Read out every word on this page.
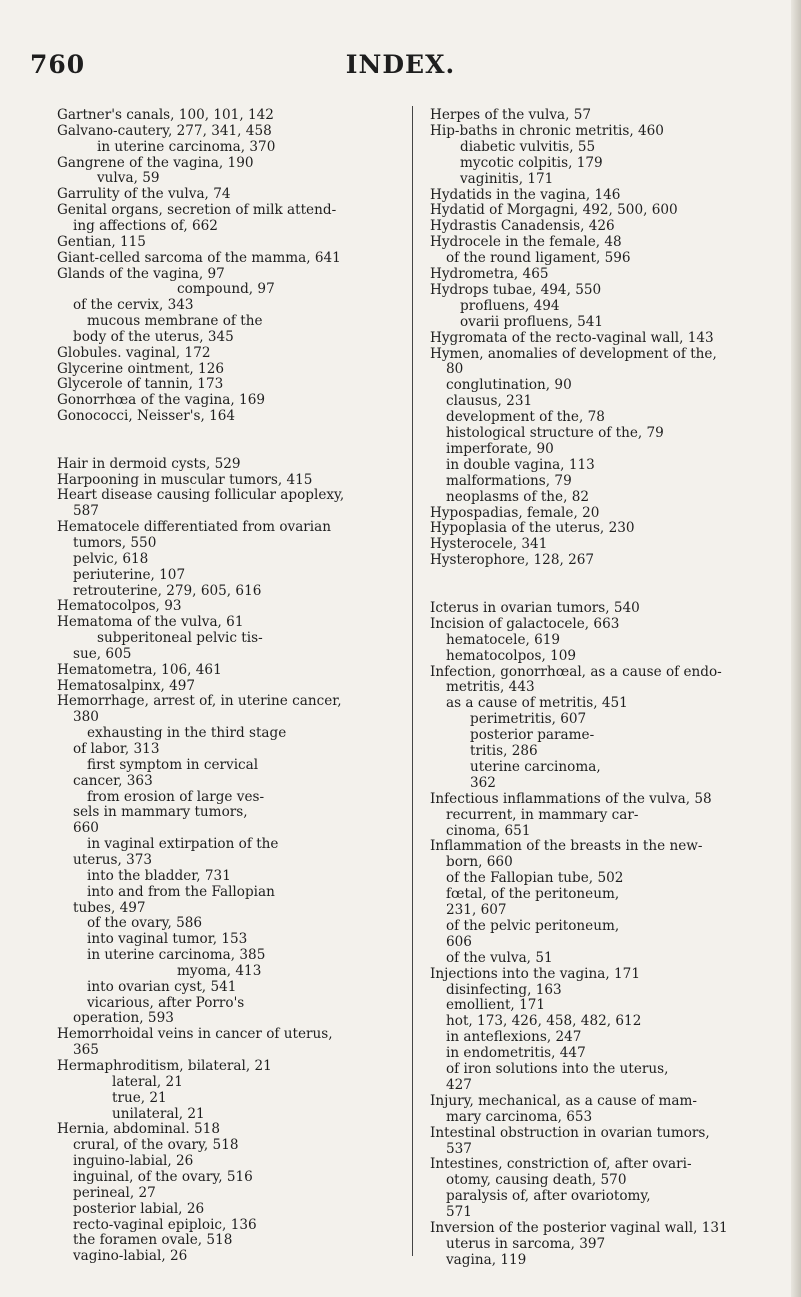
760	INDEX.
Gartner's canals, 100, 101, 142
Galvano-cautery, 277, 341, 458
in uterine carcinoma, 370
Gangrene of the vagina, 190
vulva, 59
Garrulity of the vulva, 74
Genital organs, secretion of milk attend-
ing affections of, 662
Gentian, 115
Giant-celled sarcoma of the mamma, 641
Glands of the vagina, 97
compound, 97
of the cervix, 343
mucous membrane of the
body of the uterus, 345
Globules. vaginal, 172
Glycerine ointment, 126
Glycerole of tannin, 173
Gonorrhœa of the vagina, 169
Gonococci, Neisser's, 164
Hair in dermoid cysts, 529
Harpooning in muscular tumors, 415
Heart disease causing follicular apoplexy,
587
Hematocele differentiated from ovarian
tumors, 550
pelvic, 618
periuterine, 107
retrouterine, 279, 605, 616
Hematocolpos, 93
Hematoma of the vulva, 61
subperitoneal pelvic tis-
sue, 605
Hematometra, 106, 461
Hematosalpinx, 497
Hemorrhage, arrest of, in uterine cancer,
380
exhausting in the third stage
of labor, 313
first symptom in cervical
cancer, 363
from erosion of large ves-
sels in mammary tumors,
660
in vaginal extirpation of the
uterus, 373
into the bladder, 731
into and from the Fallopian
tubes, 497
of the ovary, 586
into vaginal tumor, 153
in uterine carcinoma, 385
myoma, 413
into ovarian cyst, 541
vicarious, after Porro's
operation, 593
Hemorrhoidal veins in cancer of uterus,
365
Hermaphroditism, bilateral, 21
lateral, 21
true, 21
unilateral, 21
Hernia, abdominal. 518
crural, of the ovary, 518
inguino-labial, 26
inguinal, of the ovary, 516
perineal, 27
posterior labial, 26
recto-vaginal epiploic, 136
the foramen ovale, 518
vagino-labial, 26
Herpes of the vulva, 57
Hip-baths in chronic metritis, 460
diabetic vulvitis, 55
mycotic colpitis, 179
vaginitis, 171
Hydatids in the vagina, 146
Hydatid of Morgagni, 492, 500, 600
Hydrastis Canadensis, 426
Hydrocele in the female, 48
of the round ligament, 596
Hydrometra, 465
Hydrops tubae, 494, 550
profluens, 494
ovarii profluens, 541
Hygromata of the recto-vaginal wall, 143
Hymen, anomalies of development of the,
80
conglutination, 90
clausus, 231
development of the, 78
histological structure of the, 79
imperforate, 90
in double vagina, 113
malformations, 79
neoplasms of the, 82
Hypospadias, female, 20
Hypoplasia of the uterus, 230
Hysterocele, 341
Hysterophore, 128, 267
Icterus in ovarian tumors, 540
Incision of galactocele, 663
hematocele, 619
hematocolpos, 109
Infection, gonorrhœal, as a cause of endo-
metritis, 443
as a cause of metritis, 451
perimetritis, 607
posterior parame-
tritis, 286
uterine carcinoma,
362
Infectious inflammations of the vulva, 58
recurrent, in mammary car-
cinoma, 651
Inflammation of the breasts in the new-
born, 660
of the Fallopian tube, 502
fœtal, of the peritoneum,
231, 607
of the pelvic peritoneum,
606
of the vulva, 51
Injections into the vagina, 171
disinfecting, 163
emollient, 171
hot, 173, 426, 458, 482, 612
in anteflexions, 247
in endometritis, 447
of iron solutions into the uterus,
427
Injury, mechanical, as a cause of mam-
mary carcinoma, 653
Intestinal obstruction in ovarian tumors,
537
Intestines, constriction of, after ovari-
otomy, causing death, 570
paralysis of, after ovariotomy,
571
Inversion of the posterior vaginal wall, 131
uterus in sarcoma, 397
vagina, 119
